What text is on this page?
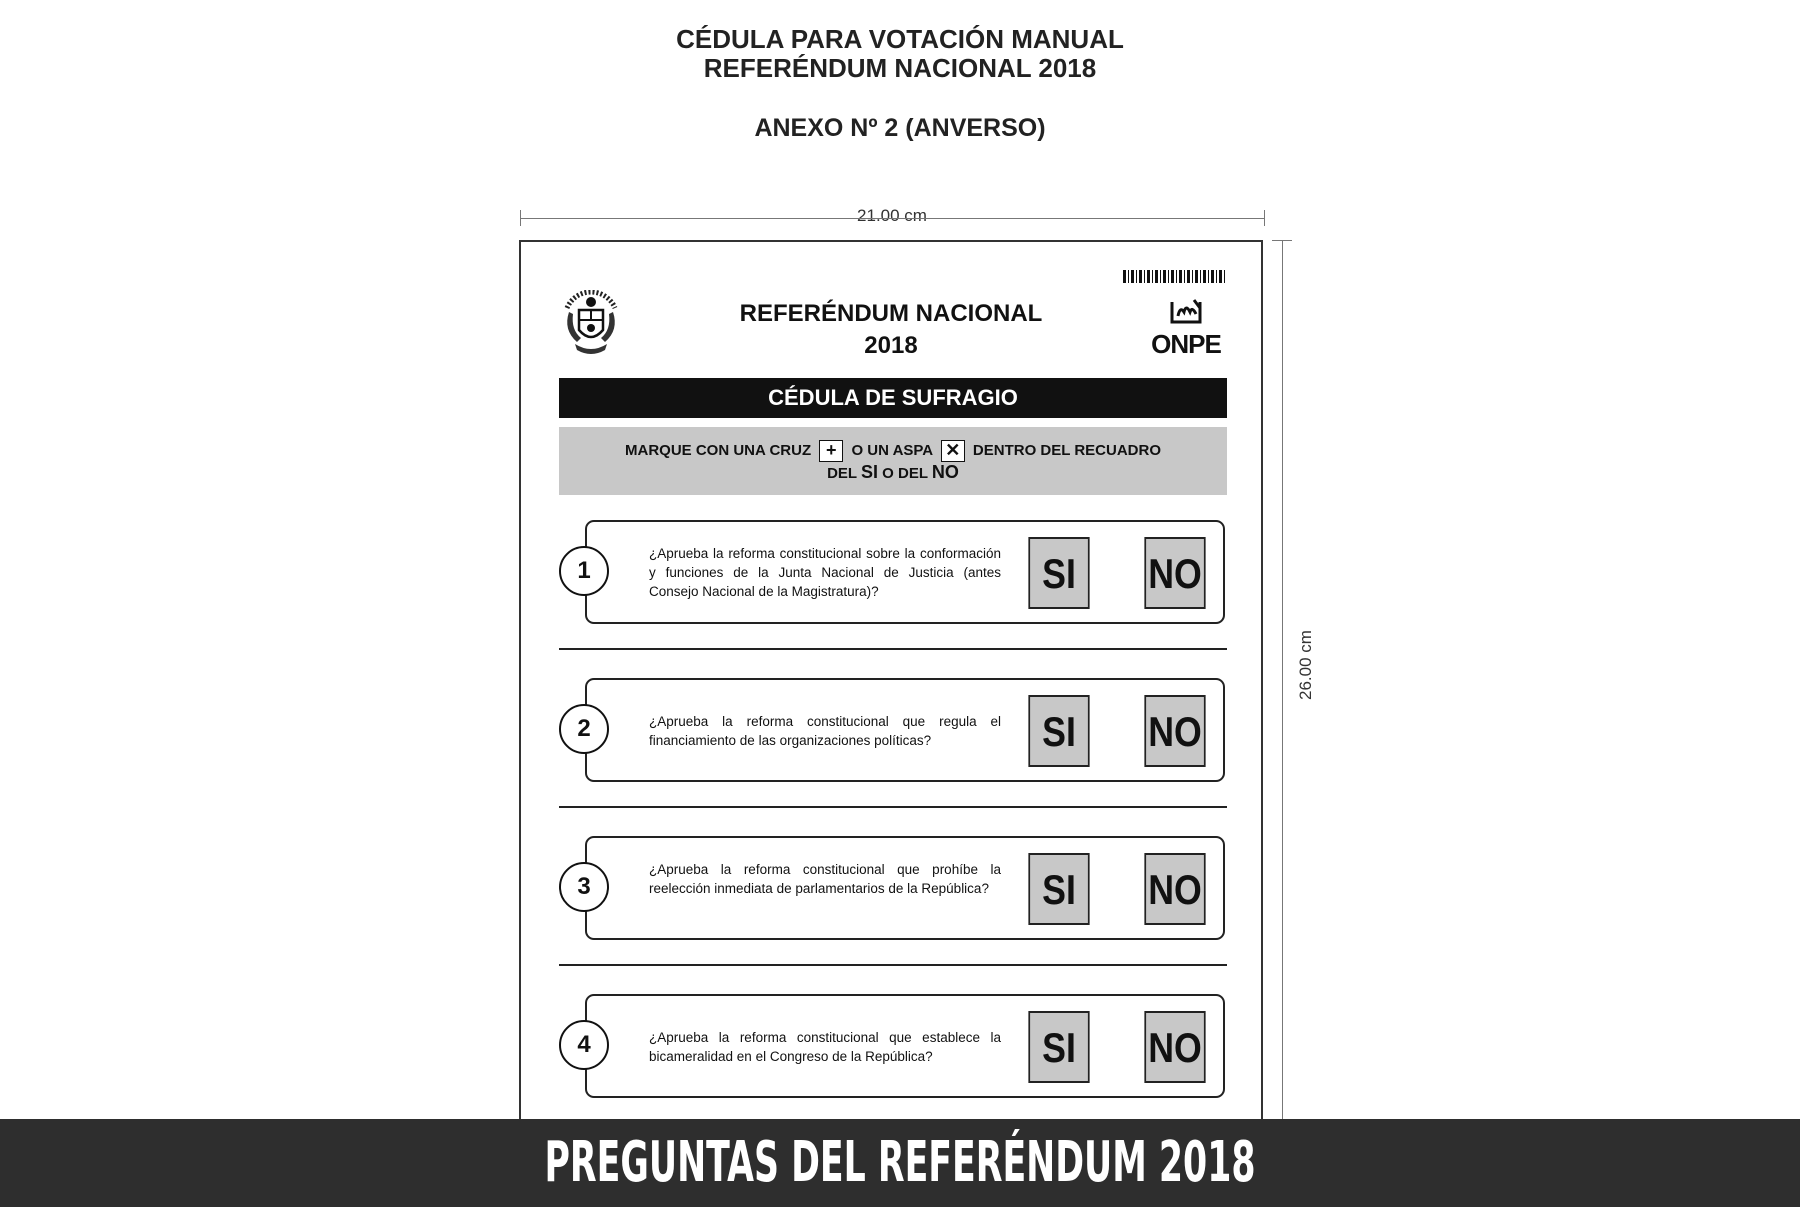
CÉDULA PARA VOTACIÓN MANUAL
REFERÉNDUM NACIONAL 2018
ANEXO Nº 2 (ANVERSO)
21.00 cm
26.00 cm
REFERÉNDUM NACIONAL
2018	ONPE
CÉDULA DE SUFRAGIO
MARQUE CON UNA CRUZ + O UN ASPA ✕ DENTRO DEL RECUADRO
DEL SI O DEL NO
¿Aprueba la reforma constitucional sobre la conformación y funciones de la Junta Nacional de Justicia (antes Consejo Nacional de la Magistratura)?	SI	NO
1
¿Aprueba la reforma constitucional que regula el financiamiento de las organizaciones políticas?	SI	NO
2
¿Aprueba la reforma constitucional que prohíbe la reelección inmediata de parlamentarios de la República?	SI	NO
3
¿Aprueba la reforma constitucional que establece la bicameralidad en el Congreso de la República?	SI	NO
4
PREGUNTAS DEL REFERÉNDUM 2018
